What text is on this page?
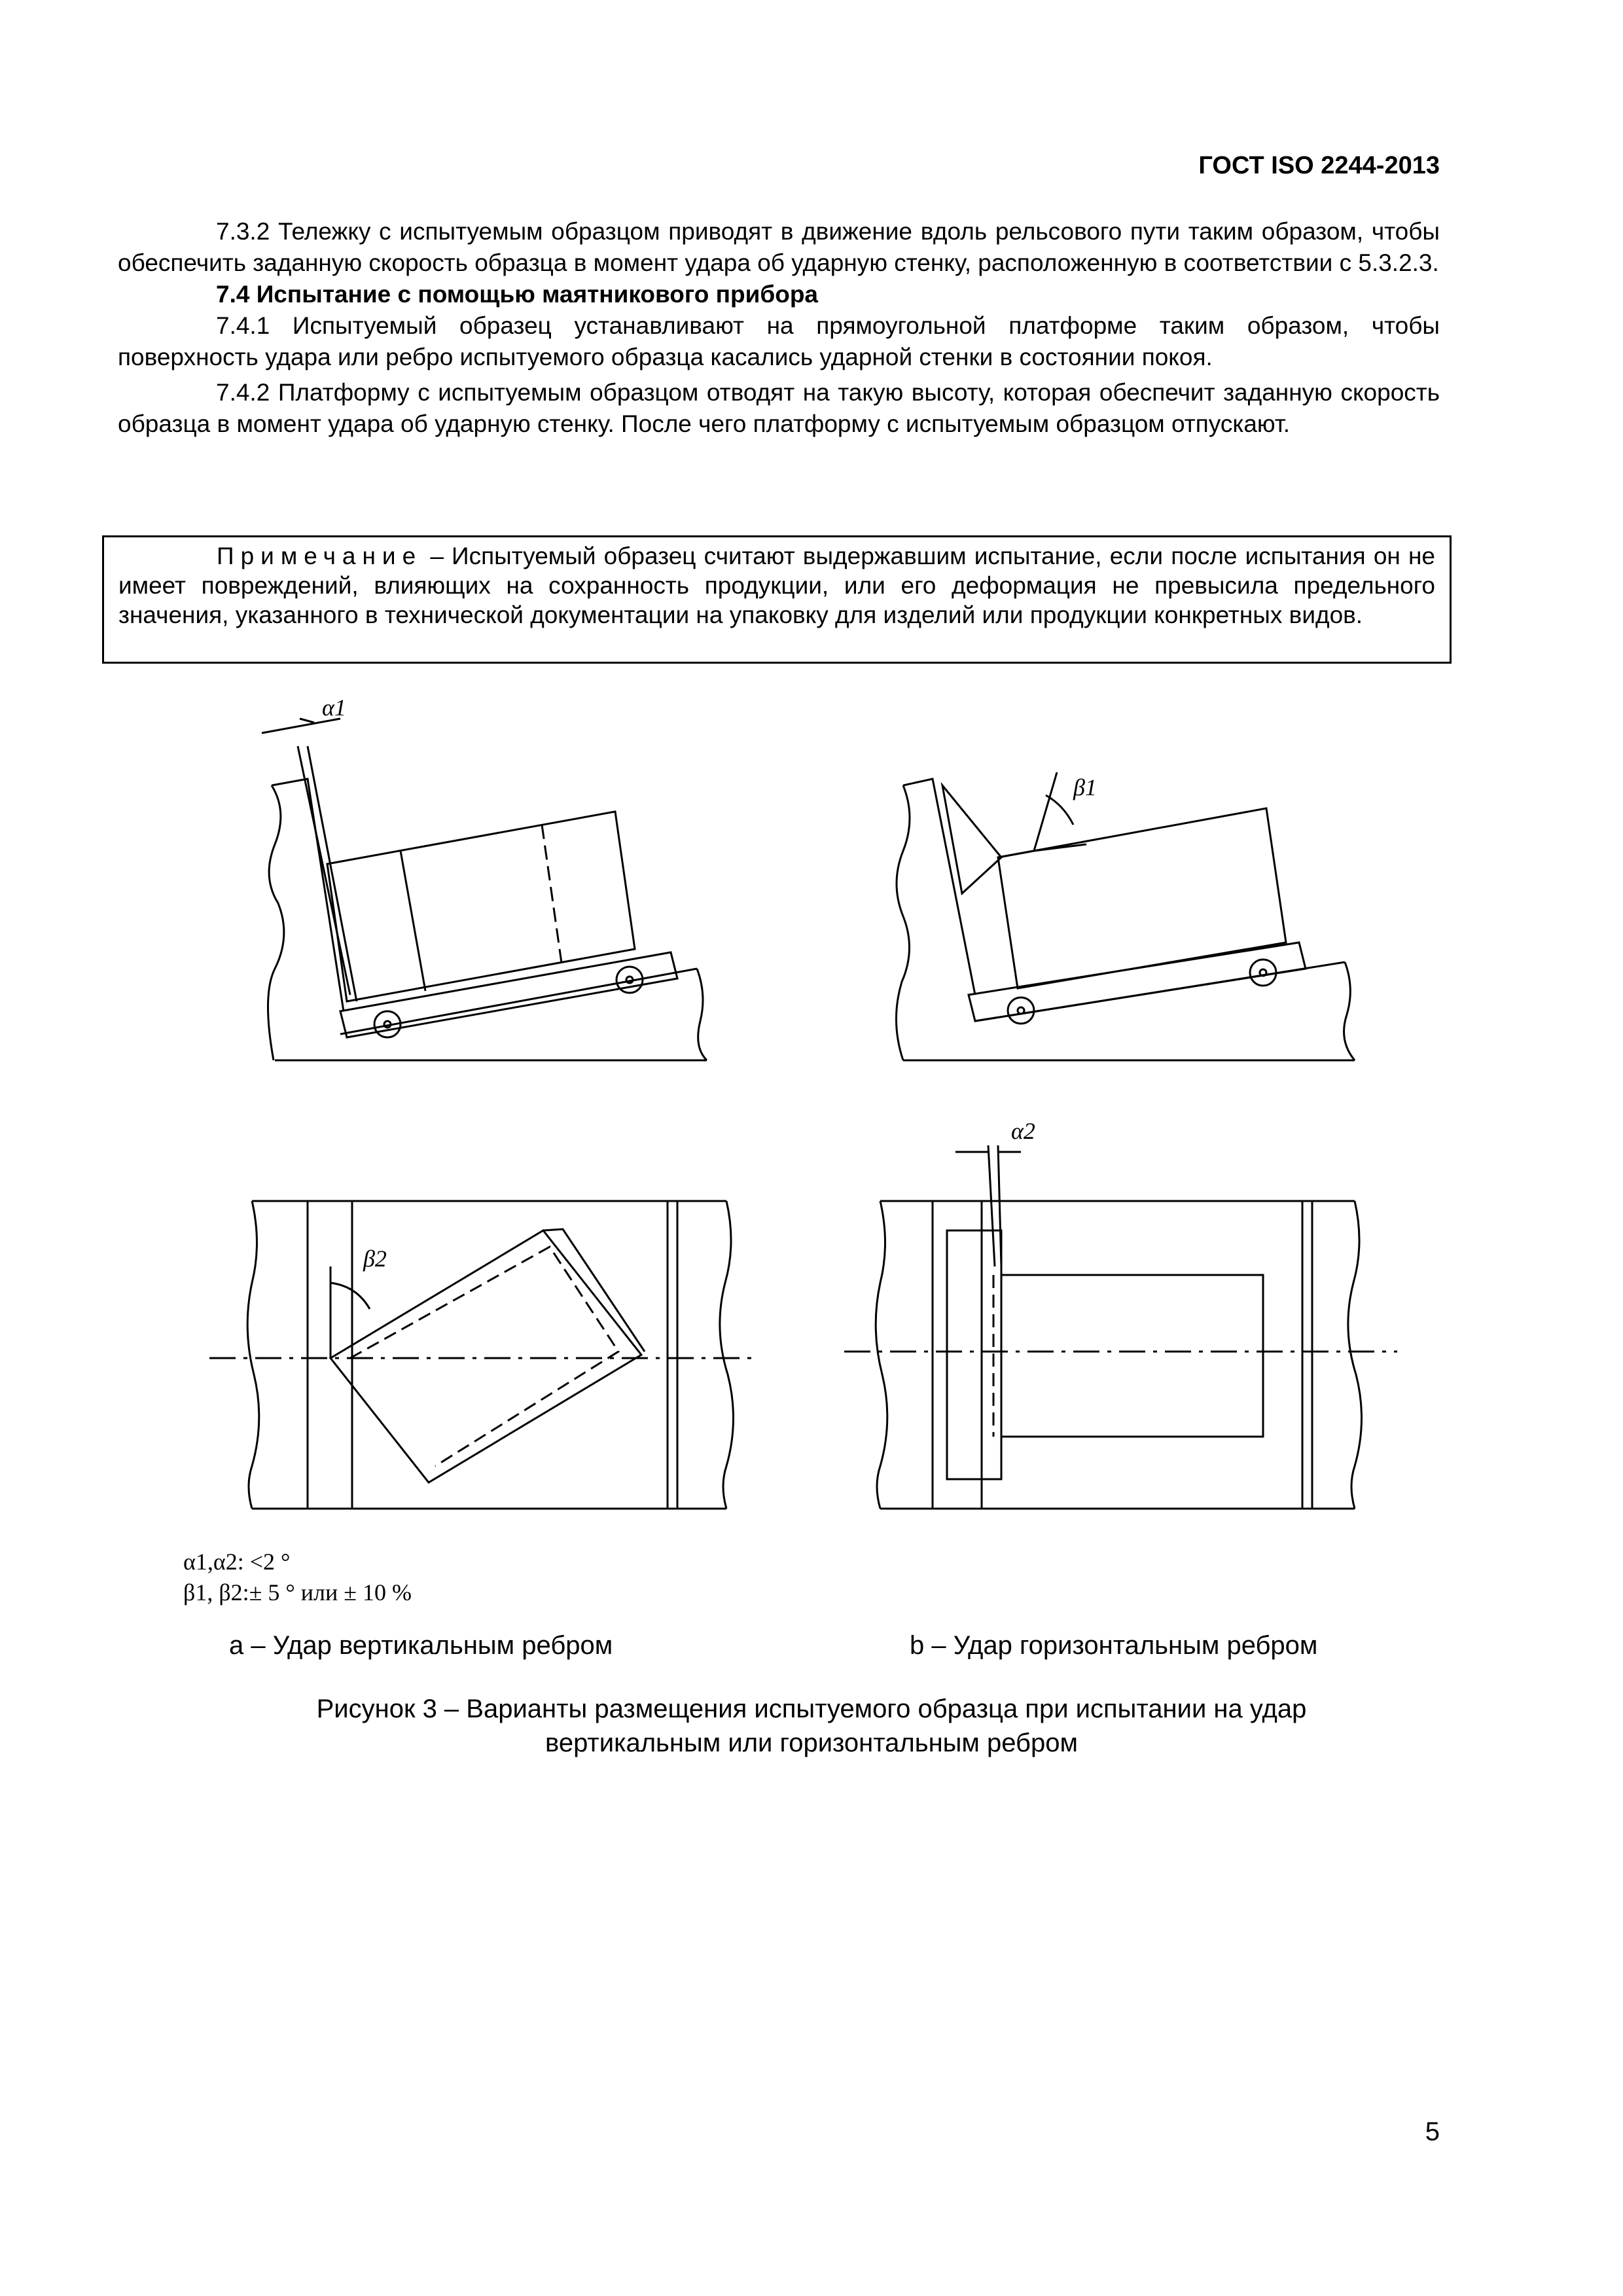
ГОСТ ISO 2244-2013

7.3.2 Тележку с испытуемым образцом приводят в движение вдоль рельсового пути таким образом, чтобы обеспечить заданную скорость образца в момент удара об ударную стенку, расположенную в соответствии с 5.3.2.3.

7.4 Испытание с помощью маятникового прибора

7.4.1 Испытуемый образец устанавливают на прямоугольной платформе таким образом, чтобы поверхность удара или ребро испытуемого образца касались ударной стенки в состоянии покоя.

7.4.2 Платформу с испытуемым образцом отводят на такую высоту, которая обеспечит заданную скорость образца в момент удара об ударную стенку. После чего платформу с испытуемым образцом отпускают.

Примечание – Испытуемый образец считают выдержавшим испытание, если после испытания он не имеет повреждений, влияющих на сохранность продукции, или его деформация не превысила предельного значения, указанного в технической документации на упаковку для изделий или продукции конкретных видов.

α1
β1
β2
α2
α1,α2: <2 °
β1, β2:± 5 ° или ± 10 %
a – Удар вертикальным ребром	b – Удар горизонтальным ребром
Рисунок 3 – Варианты размещения испытуемого образца при испытании на удар
вертикальным или горизонтальным ребром
5
